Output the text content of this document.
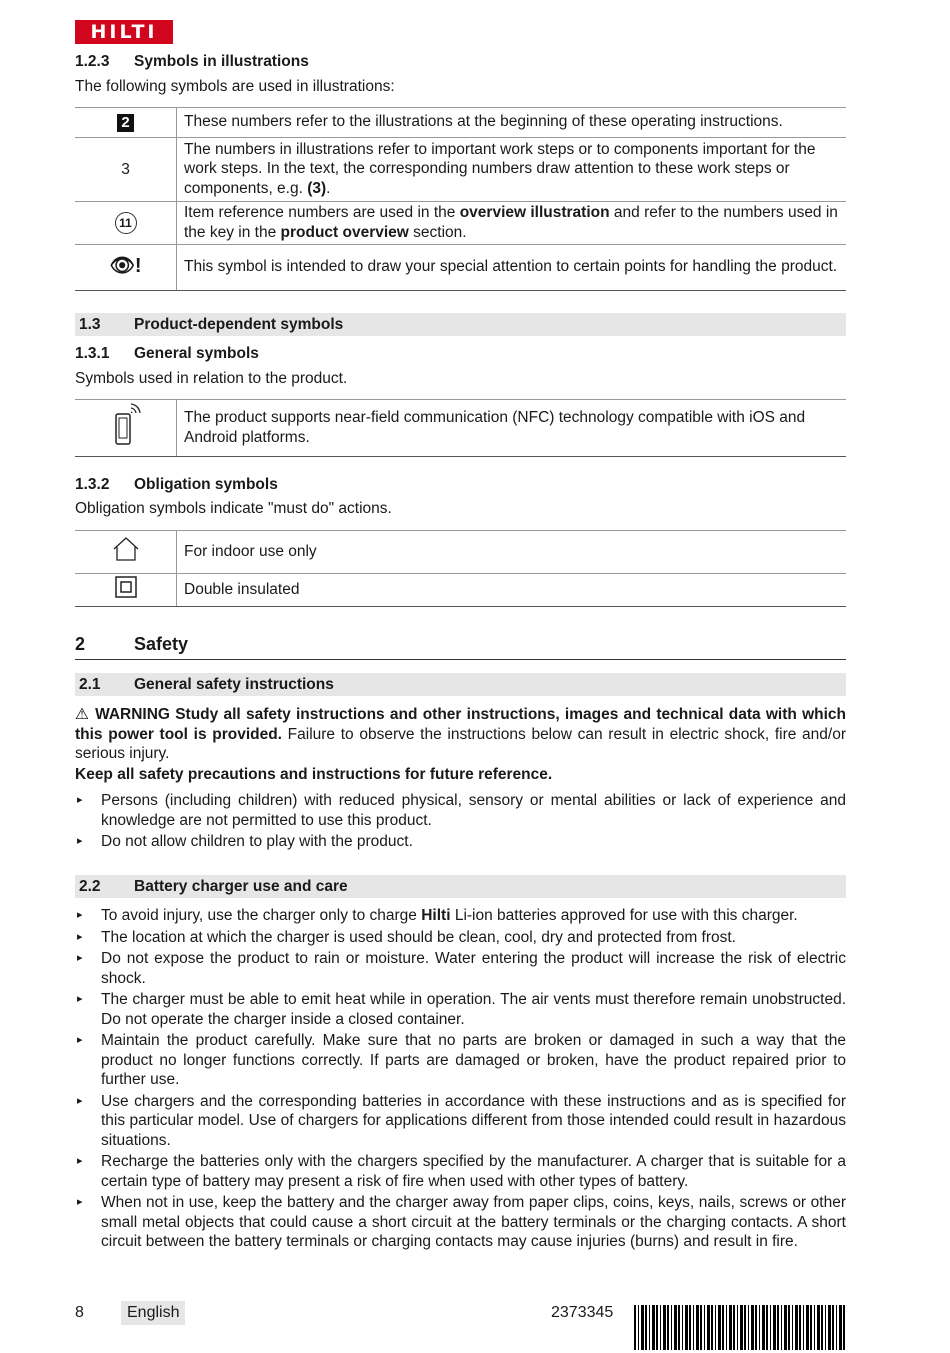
HILTI
1.2.3 Symbols in illustrations
The following symbols are used in illustrations:
2	These numbers refer to the illustrations at the beginning of these operating instructions.
3	The numbers in illustrations refer to important work steps or to components important for the work steps. In the text, the corresponding numbers draw attention to these work steps or components, e.g. (3).
11	Item reference numbers are used in the overview illustration and refer to the numbers used in the key in the product overview section.
👁!	This symbol is intended to draw your special attention to certain points for handling the product.
1.3 Product-dependent symbols
1.3.1 General symbols
Symbols used in relation to the product.
	The product supports near-field communication (NFC) technology compatible with iOS and Android platforms.
1.3.2 Obligation symbols
Obligation symbols indicate "must do" actions.
	For indoor use only
	Double insulated
2	Safety
2.1 General safety instructions
⚠ WARNING Study all safety instructions and other instructions, images and technical data with which this power tool is provided. Failure to observe the instructions below can result in electric shock, fire and/or serious injury.
Keep all safety precautions and instructions for future reference.
▸ Persons (including children) with reduced physical, sensory or mental abilities or lack of experience and knowledge are not permitted to use this product.
▸ Do not allow children to play with the product.
2.2 Battery charger use and care
▸ To avoid injury, use the charger only to charge Hilti Li-ion batteries approved for use with this charger.
▸ The location at which the charger is used should be clean, cool, dry and protected from frost.
▸ Do not expose the product to rain or moisture. Water entering the product will increase the risk of electric shock.
▸ The charger must be able to emit heat while in operation. The air vents must therefore remain unobstructed. Do not operate the charger inside a closed container.
▸ Maintain the product carefully. Make sure that no parts are broken or damaged in such a way that the product no longer functions correctly. If parts are damaged or broken, have the product repaired prior to further use.
▸ Use chargers and the corresponding batteries in accordance with these instructions and as is specified for this particular model. Use of chargers for applications different from those intended could result in hazardous situations.
▸ Recharge the batteries only with the chargers specified by the manufacturer. A charger that is suitable for a certain type of battery may present a risk of fire when used with other types of battery.
▸ When not in use, keep the battery and the charger away from paper clips, coins, keys, nails, screws or other small metal objects that could cause a short circuit at the battery terminals or the charging contacts. A short circuit between the battery terminals or charging contacts may cause injuries (burns) and result in fire.
8	English	2373345
